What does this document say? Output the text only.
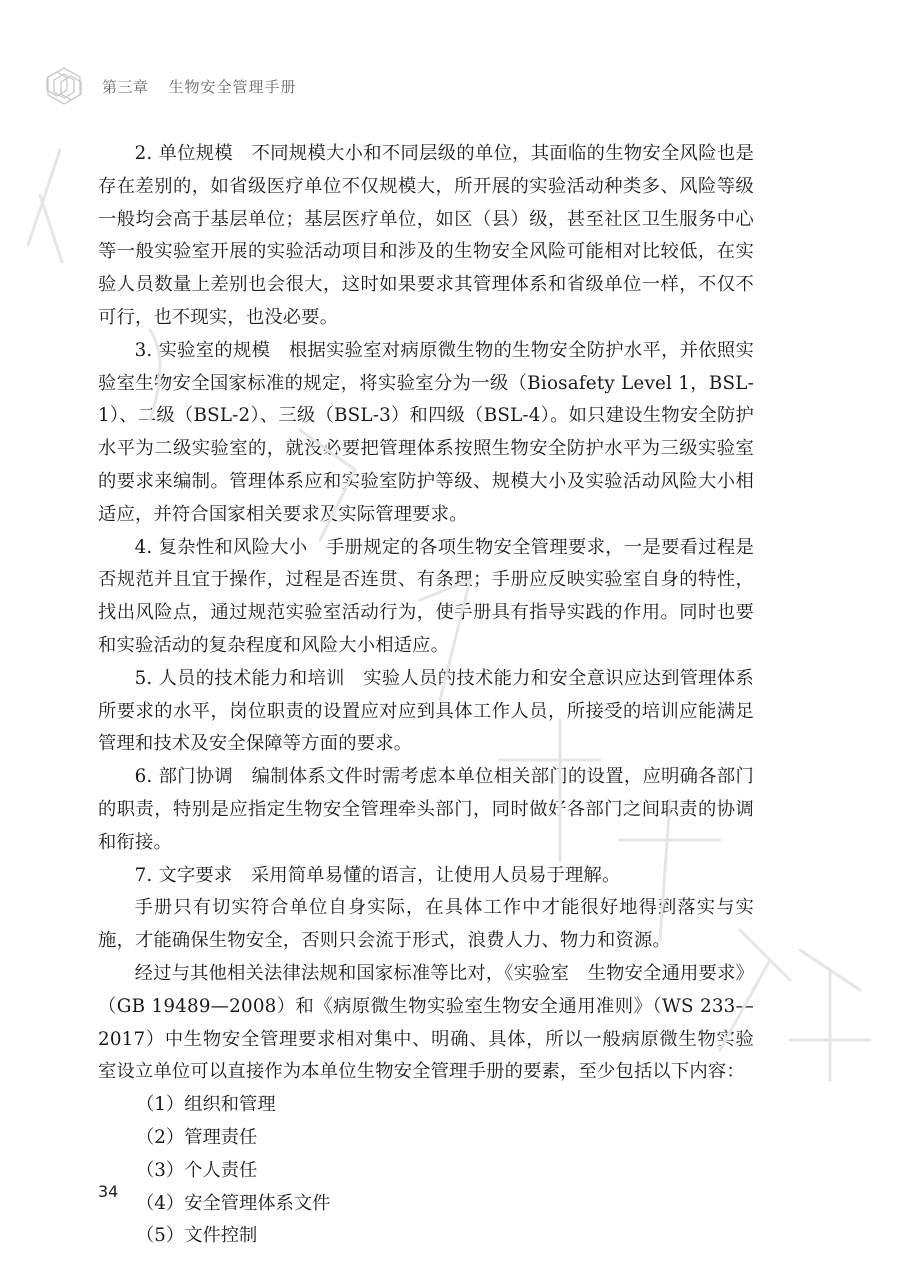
第三章 生物安全管理手册

2. 单位规模　不同规模大小和不同层级的单位，其面临的生物安全风险也是存在差别的，如省级医疗单位不仅规模大，所开展的实验活动种类多、风险等级一般均会高于基层单位；基层医疗单位，如区（县）级，甚至社区卫生服务中心等一般实验室开展的实验活动项目和涉及的生物安全风险可能相对比较低，在实验人员数量上差别也会很大，这时如果要求其管理体系和省级单位一样，不仅不可行，也不现实，也没必要。

3. 实验室的规模　根据实验室对病原微生物的生物安全防护水平，并依照实验室生物安全国家标准的规定，将实验室分为一级（Biosafety Level 1，BSL-1）、二级（BSL-2）、三级（BSL-3）和四级（BSL-4）。如只建设生物安全防护水平为二级实验室的，就没必要把管理体系按照生物安全防护水平为三级实验室的要求来编制。管理体系应和实验室防护等级、规模大小及实验活动风险大小相适应，并符合国家相关要求及实际管理要求。

4. 复杂性和风险大小　手册规定的各项生物安全管理要求，一是要看过程是否规范并且宜于操作，过程是否连贯、有条理；手册应反映实验室自身的特性，找出风险点，通过规范实验室活动行为，使手册具有指导实践的作用。同时也要和实验活动的复杂程度和风险大小相适应。

5. 人员的技术能力和培训　实验人员的技术能力和安全意识应达到管理体系所要求的水平，岗位职责的设置应对应到具体工作人员，所接受的培训应能满足管理和技术及安全保障等方面的要求。

6. 部门协调　编制体系文件时需考虑本单位相关部门的设置，应明确各部门的职责，特别是应指定生物安全管理牵头部门，同时做好各部门之间职责的协调和衔接。

7. 文字要求　采用简单易懂的语言，让使用人员易于理解。

手册只有切实符合单位自身实际，在具体工作中才能很好地得到落实与实施，才能确保生物安全，否则只会流于形式，浪费人力、物力和资源。

经过与其他相关法律法规和国家标准等比对，《实验室　生物安全通用要求》（GB 19489—2008）和《病原微生物实验室生物安全通用准则》（WS 233—2017）中生物安全管理要求相对集中、明确、具体，所以一般病原微生物实验室设立单位可以直接作为本单位生物安全管理手册的要素，至少包括以下内容：

（1）组织和管理

（2）管理责任

（3）个人责任

（4）安全管理体系文件

（5）文件控制

34
